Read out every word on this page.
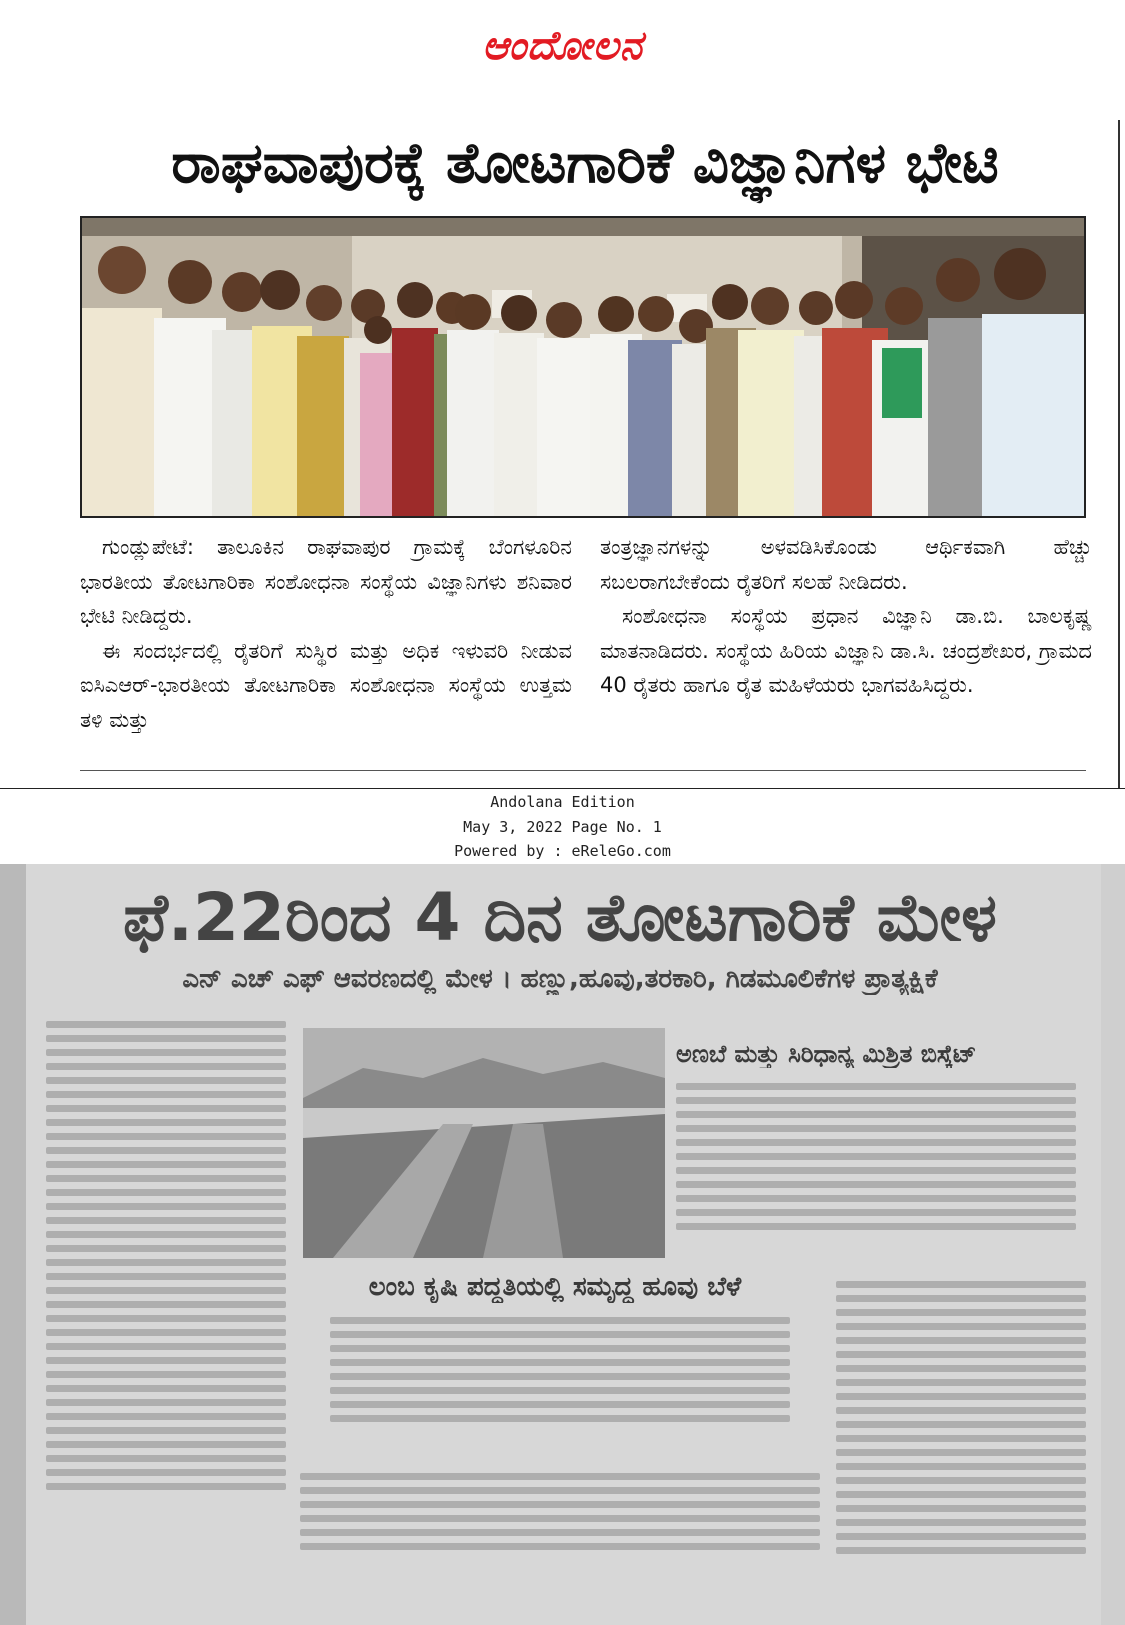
ಆಂದೋಲನ
ರಾಘವಾಪುರಕ್ಕೆ ತೋಟಗಾರಿಕೆ ವಿಜ್ಞಾನಿಗಳ ಭೇಟಿ

ಗುಂಡ್ಲುಪೇಟೆ: ತಾಲೂಕಿನ ರಾಘವಾಪುರ ಗ್ರಾಮಕ್ಕೆ ಬೆಂಗಳೂರಿನ ಭಾರತೀಯ ತೋಟಗಾರಿಕಾ ಸಂಶೋಧನಾ ಸಂಸ್ಥೆಯ ವಿಜ್ಞಾನಿಗಳು ಶನಿವಾರ ಭೇಟಿ ನೀಡಿದ್ದರು.

ಈ ಸಂದರ್ಭದಲ್ಲಿ ರೈತರಿಗೆ ಸುಸ್ಥಿರ ಮತ್ತು ಅಧಿಕ ಇಳುವರಿ ನೀಡುವ ಐಸಿಎಆರ್-ಭಾರತೀಯ ತೋಟಗಾರಿಕಾ ಸಂಶೋಧನಾ ಸಂಸ್ಥೆಯ ಉತ್ತಮ ತಳಿ ಮತ್ತು

ತಂತ್ರಜ್ಞಾನಗಳನ್ನು ಅಳವಡಿಸಿಕೊಂಡು ಆರ್ಥಿಕವಾಗಿ ಹೆಚ್ಚು ಸಬಲರಾಗಬೇಕೆಂದು ರೈತರಿಗೆ ಸಲಹೆ ನೀಡಿದರು.

ಸಂಶೋಧನಾ ಸಂಸ್ಥೆಯ ಪ್ರಧಾನ ವಿಜ್ಞಾನಿ ಡಾ.ಬಿ. ಬಾಲಕೃಷ್ಣ ಮಾತನಾಡಿದರು. ಸಂಸ್ಥೆಯ ಹಿರಿಯ ವಿಜ್ಞಾನಿ ಡಾ.ಸಿ. ಚಂದ್ರಶೇಖರ, ಗ್ರಾಮದ 40 ರೈತರು ಹಾಗೂ ರೈತ ಮಹಿಳೆಯರು ಭಾಗವಹಿಸಿದ್ದರು.

Andolana Edition
May 3, 2022 Page No. 1
Powered by : eReleGo.com
ಫೆ.22ರಿಂದ 4 ದಿನ ತೋಟಗಾರಿಕೆ ಮೇಳ
ಎನ್ ಎಚ್ ಎಫ್ ಆವರಣದಲ್ಲಿ ಮೇಳ । ಹಣ್ಣು,ಹೂವು,ತರಕಾರಿ, ಗಿಡಮೂಲಿಕೆಗಳ ಪ್ರಾತ್ಯಕ್ಷಿಕೆ
ಅಣಬೆ ಮತ್ತು ಸಿರಿಧಾನ್ಯ ಮಿಶ್ರಿತ ಬಿಸ್ಕೆಟ್
ಲಂಬ ಕೃಷಿ ಪದ್ಧತಿಯಲ್ಲಿ ಸಮೃದ್ಧ ಹೂವು ಬೆಳೆ
